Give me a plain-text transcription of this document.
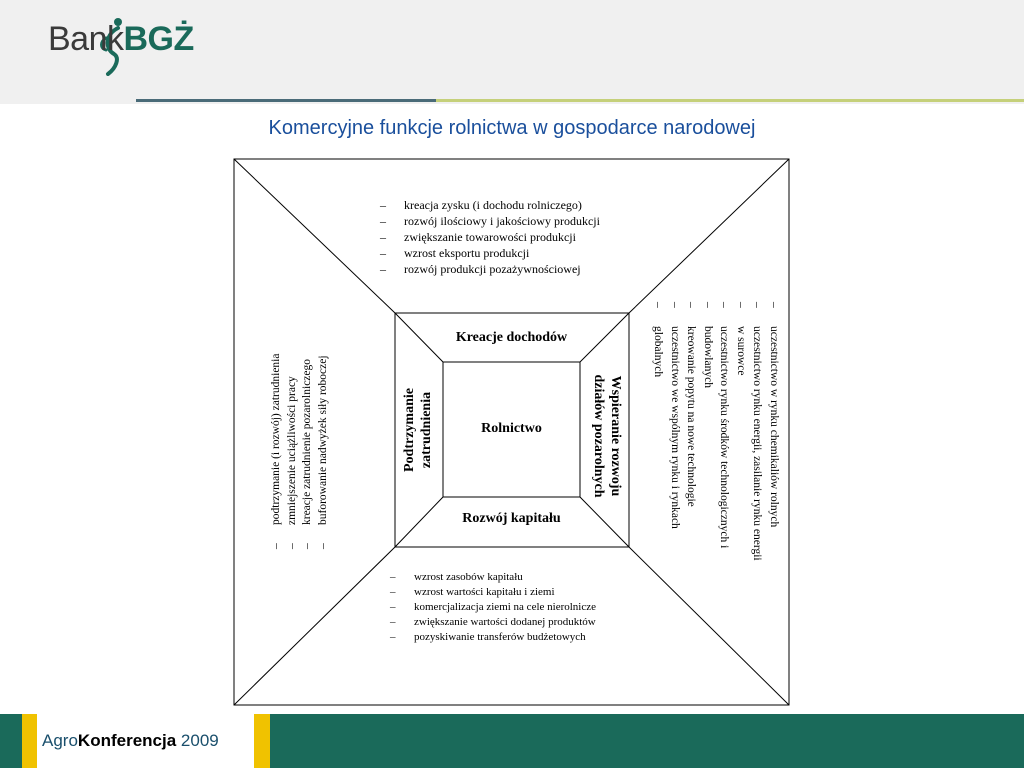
BankBGŻ
Komercyjne funkcje rolnictwa w gospodarce narodowej
Rolnictwo
Kreacje dochodów
Rozwój kapitału
Podtrzymanie zatrudnienia	Wspieranie rozwoju
działów pozarolnych
– kreacja zysku (i dochodu rolniczego)
– rozwój ilościowy i jakościowy produkcji
– zwiększanie towarowości produkcji
– wzrost eksportu produkcji
– rozwój produkcji pozażywnościowej
– wzrost zasobów kapitału
– wzrost wartości kapitału i ziemi
– komercjalizacja ziemi na cele nierolnicze
– zwiększanie wartości dodanej produktów
– pozyskiwanie transferów budżetowych
– podtrzymanie (i rozwój) zatrudnienia – zmniejszenie uciążliwości pracy – kreacje zatrudnienie pozarolniczego – buforowanie nadwyżek siły roboczej	– uczestnictwo w rynku chemikaliów rolnych
– uczestnictwo rynku energii, zasilanie rynku energii
– w surowce
– uczestnictwo rynku środków technologicznych i
– budowlanych
– kreowanie popytu na nowe technologie
– uczestnictwo we wspólnym rynku i rynkach
– globalnych
AgroKonferencja 2009
